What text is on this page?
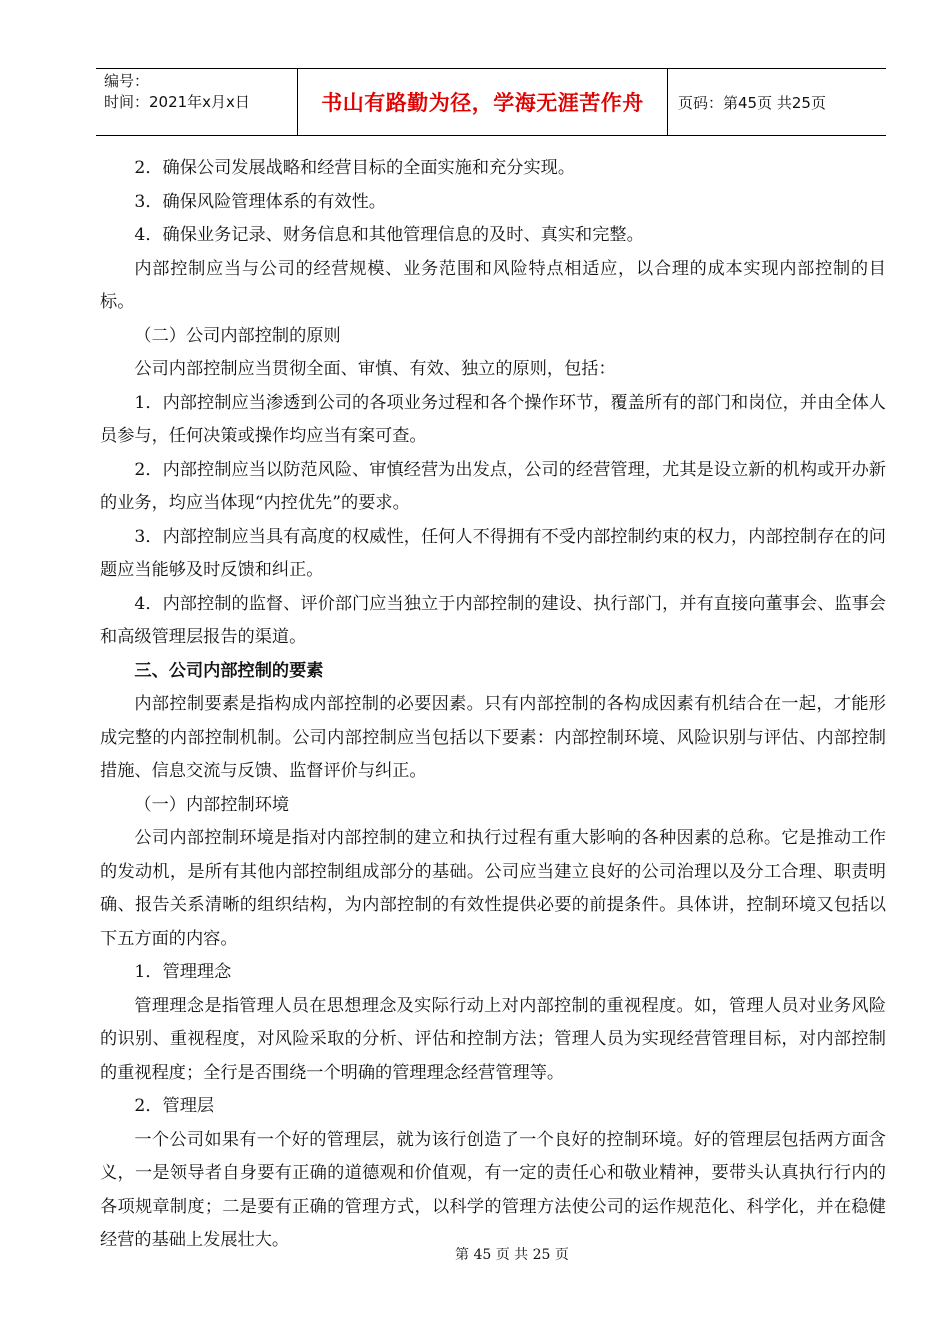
编号：
时间：2021年x月x日	书山有路勤为径，学海无涯苦作舟	页码：第45页 共25页

2．确保公司发展战略和经营目标的全面实施和充分实现。

3．确保风险管理体系的有效性。

4．确保业务记录、财务信息和其他管理信息的及时、真实和完整。

内部控制应当与公司的经营规模、业务范围和风险特点相适应，以合理的成本实现内部控制的目标。

（二）公司内部控制的原则

公司内部控制应当贯彻全面、审慎、有效、独立的原则，包括：

1．内部控制应当渗透到公司的各项业务过程和各个操作环节，覆盖所有的部门和岗位，并由全体人员参与，任何决策或操作均应当有案可查。

2．内部控制应当以防范风险、审慎经营为出发点，公司的经营管理，尤其是设立新的机构或开办新的业务，均应当体现“内控优先”的要求。

3．内部控制应当具有高度的权威性，任何人不得拥有不受内部控制约束的权力，内部控制存在的问题应当能够及时反馈和纠正。

4．内部控制的监督、评价部门应当独立于内部控制的建设、执行部门，并有直接向董事会、监事会和高级管理层报告的渠道。

三、公司内部控制的要素

内部控制要素是指构成内部控制的必要因素。只有内部控制的各构成因素有机结合在一起，才能形成完整的内部控制机制。公司内部控制应当包括以下要素：内部控制环境、风险识别与评估、内部控制措施、信息交流与反馈、监督评价与纠正。

（一）内部控制环境

公司内部控制环境是指对内部控制的建立和执行过程有重大影响的各种因素的总称。它是推动工作的发动机，是所有其他内部控制组成部分的基础。公司应当建立良好的公司治理以及分工合理、职责明确、报告关系清晰的组织结构，为内部控制的有效性提供必要的前提条件。具体讲，控制环境又包括以下五方面的内容。

1．管理理念

管理理念是指管理人员在思想理念及实际行动上对内部控制的重视程度。如，管理人员对业务风险的识别、重视程度，对风险采取的分析、评估和控制方法；管理人员为实现经营管理目标，对内部控制的重视程度；全行是否围绕一个明确的管理理念经营管理等。

2．管理层

一个公司如果有一个好的管理层，就为该行创造了一个良好的控制环境。好的管理层包括两方面含义，一是领导者自身要有正确的道德观和价值观，有一定的责任心和敬业精神，要带头认真执行行内的各项规章制度；二是要有正确的管理方式，以科学的管理方法使公司的运作规范化、科学化，并在稳健经营的基础上发展壮大。

第 45 页 共 25 页
